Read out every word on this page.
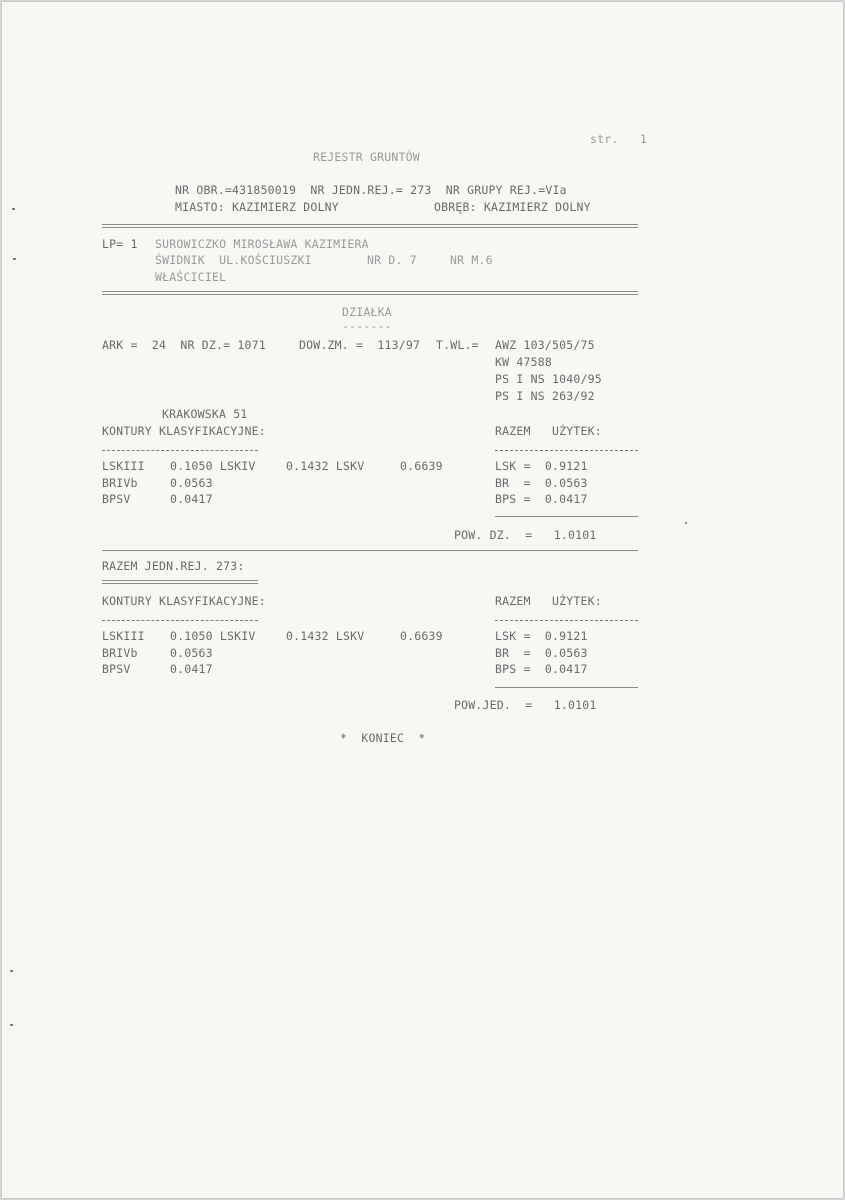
str.   1
REJESTR GRUNTÓW
NR OBR.=431850019  NR JEDN.REJ.= 273  NR GRUPY REJ.=VIa
MIASTO: KAZIMIERZ DOLNY	OBRĘB: KAZIMIERZ DOLNY
LP= 1 SUROWICZKO MIROSŁAWA KAZIMIERA
ŚWIDNIK  UL.KOŚCIUSZKI	NR D. 7	NR M.6
WŁAŚCICIEL
DZIAŁKA
-------
ARK =  24  NR DZ.= 1071	DOW.ZM. =  113/97 T.WL.= AWZ 103/505/75
KW 47588
PS I NS 1040/95
PS I NS 263/92
KRAKOWSKA 51
KONTURY KLASYFIKACYJNE:	RAZEM   UŻYTEK:
LSKIII 0.1050 LSKIV	0.1432 LSKV	0.6639	LSK =  0.9121
BRIVb	0.0563	BR  =  0.0563
BPSV	0.0417	BPS =  0.0417
POW. DZ.  =   1.0101
RAZEM JEDN.REJ. 273:
KONTURY KLASYFIKACYJNE:	RAZEM   UŻYTEK:
LSKIII 0.1050 LSKIV	0.1432 LSKV	0.6639	LSK =  0.9121
BRIVb	0.0563	BR  =  0.0563
BPSV	0.0417	BPS =  0.0417
POW.JED.  =   1.0101
*  KONIEC  *
